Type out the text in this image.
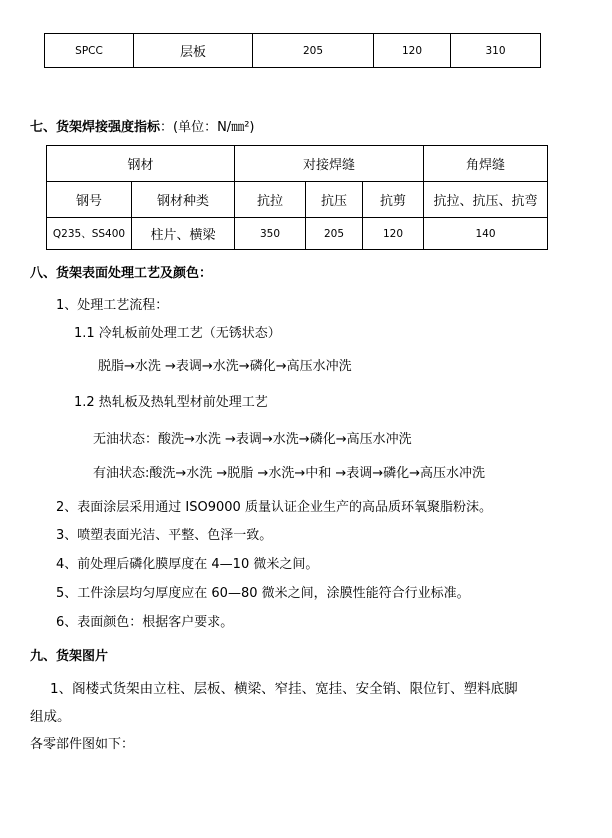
SPCC	层板	205	120	310
七、货架焊接强度指标：(单位：N/㎜²)
钢材		对接焊缝			角焊缝
钢号	钢材种类	抗拉	抗压	抗剪	抗拉、抗压、抗弯
Q235、SS400	柱片、横梁	350	205	120	140
八、货架表面处理工艺及颜色：
1、处理工艺流程：
1.1 冷轧板前处理工艺（无锈状态）
脱脂→水洗 →表调→水洗→磷化→高压水冲洗
1.2 热轧板及热轧型材前处理工艺
无油状态：酸洗→水洗 →表调→水洗→磷化→高压水冲洗
有油状态:酸洗→水洗 →脱脂 →水洗→中和 →表调→磷化→高压水冲洗
2、表面涂层采用通过 ISO9000 质量认证企业生产的高品质环氧聚脂粉沫。
3、喷塑表面光洁、平整、色泽一致。
4、前处理后磷化膜厚度在 4—10 微米之间。
5、工件涂层均匀厚度应在 60—80 微米之间，涂膜性能符合行业标准。
6、表面颜色：根据客户要求。
九、货架图片
1、阁楼式货架由立柱、层板、横梁、窄挂、宽挂、安全销、限位钉、塑料底脚
组成。
各零部件图如下：
